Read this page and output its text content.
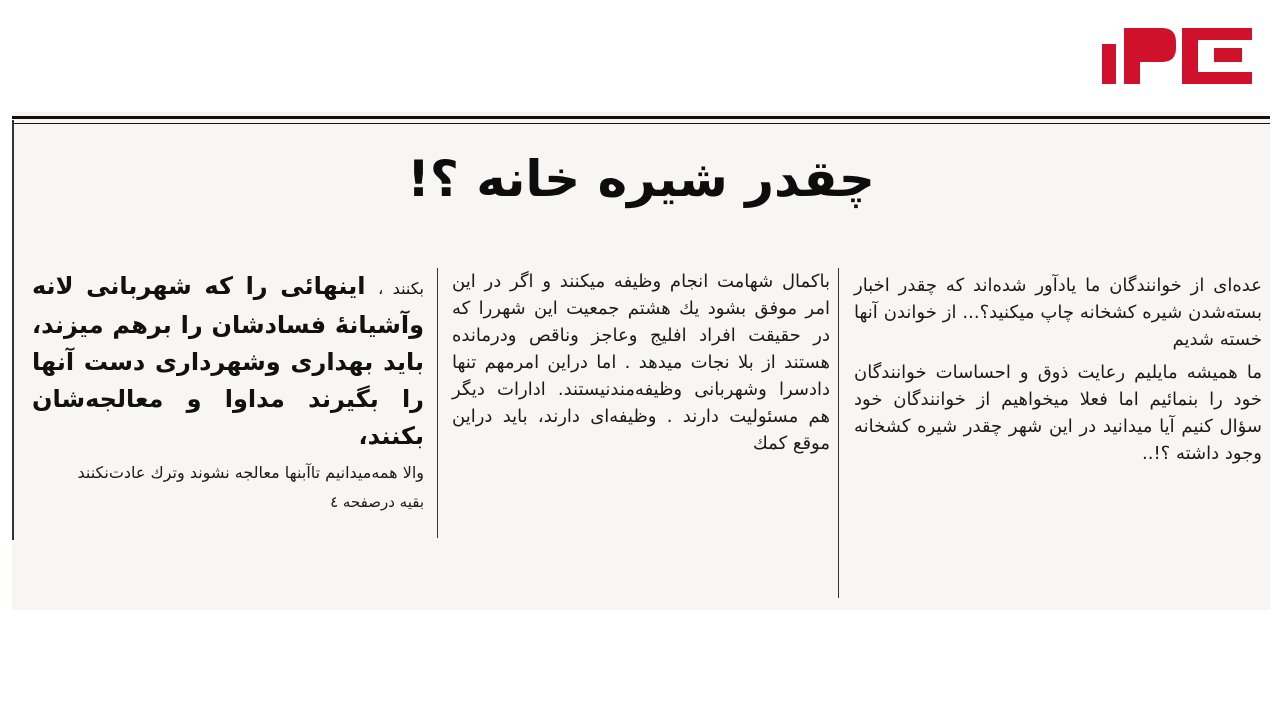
چقدر شیره خانه ؟!

عده‌ای از خوانندگان ما یادآور شده‌اند که چقدر اخبار بسته‌شدن شیره کشخانه چاپ میکنید؟... از خواندن آنها خسته شدیم

ما همیشه مایلیم رعایت ذوق و احساسات خوانندگان خود را بنمائیم اما فعلا میخواهیم از خوانندگان خود سؤال کنیم آیا میدانید در این شهر چقدر شیره کشخانه وجود داشته ؟!..

باکمال شهامت انجام وظیفه میکنند و اگر در این امر موفق بشود یك هشتم جمعیت این شهررا که در حقیقت افراد افلیج وعاجز وناقص ودرمانده هستند از بلا نجات میدهد . اما دراین امرمهم تنها دادسرا وشهربانی وظیفه‌مندنیستند. ادارات دیگر هم مسئولیت دارند . وظیفه‌ای دارند، باید دراین موقع کمك

بکنند ، اینهائی را که شهربانی لانه وآشیانهٔ فسادشان را برهم میزند، باید بهداری وشهرداری دست آنها را بگیرند مداوا و معالجه‌شان بکنند،

والا همه‌میدانیم تاآبنها معالجه نشوند وترك عادت‌نکنند

بقیه درصفحه ٤
